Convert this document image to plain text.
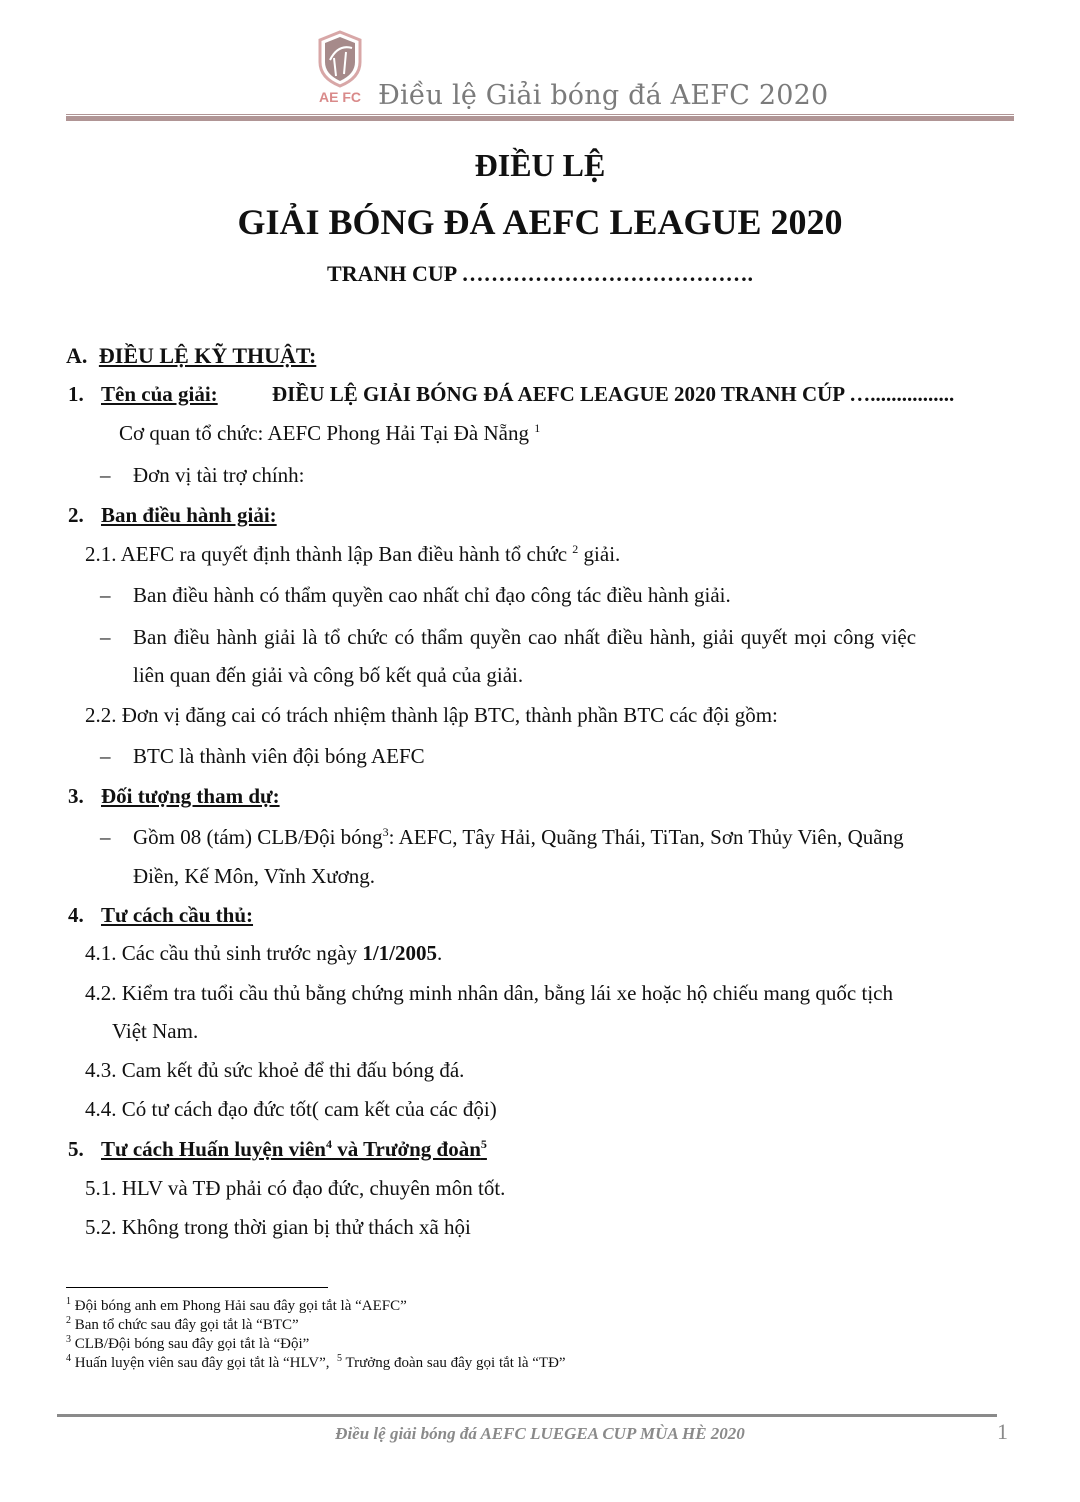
AE FC Điều lệ Giải bóng đá AEFC 2020
ĐIỀU LỆ
GIẢI BÓNG ĐÁ AEFC LEAGUE 2020
TRANH CUP ………………………………….
A. ĐIỀU LỆ KỸ THUẬT:
1. Tên của giải:	ĐIỀU LỆ GIẢI BÓNG ĐÁ AEFC LEAGUE 2020 TRANH CÚP …................
Cơ quan tổ chức: AEFC Phong Hải Tại Đà Nẵng $^1$
– Đơn vị tài trợ chính:
2. Ban điều hành giải:
2.1. AEFC ra quyết định thành lập Ban điều hành tổ chức $^2$ giải.
– Ban điều hành có thẩm quyền cao nhất chỉ đạo công tác điều hành giải.
– Ban điều hành giải là tổ chức có thẩm quyền cao nhất điều hành, giải quyết mọi công việc
liên quan đến giải và công bố kết quả của giải.
2.2. Đơn vị đăng cai có trách nhiệm thành lập BTC, thành phần BTC các đội gồm:
– BTC là thành viên đội bóng AEFC
3. Đối tượng tham dự:
– Gồm 08 (tám) CLB/Đội bóng$^3$: AEFC, Tây Hải, Quãng Thái, TiTan, Sơn Thủy Viên, Quãng
Điền, Kế Môn, Vĩnh Xương.
4. Tư cách cầu thủ:
4.1. Các cầu thủ sinh trước ngày 1/1/2005.
4.2. Kiểm tra tuổi cầu thủ bằng chứng minh nhân dân, bằng lái xe hoặc hộ chiếu mang quốc tịch
Việt Nam.
4.3. Cam kết đủ sức khoẻ để thi đấu bóng đá.
4.4. Có tư cách đạo đức tốt( cam kết của các đội)
5. Tư cách Huấn luyện viên$^4$ và Trưởng đoàn$^5$
5.1. HLV và TĐ phải có đạo đức, chuyên môn tốt.
5.2. Không trong thời gian bị thử thách xã hội
$^1$ Đội bóng anh em Phong Hải sau đây gọi tắt là “AEFC”
$^2$ Ban tổ chức sau đây gọi tắt là “BTC”
$^3$ CLB/Đội bóng sau đây gọi tắt là “Đội”
$^4$ Huấn luyện viên sau đây gọi tắt là “HLV”, $^5$ Trưởng đoàn sau đây gọi tắt là “TĐ”
Điều lệ giải bóng đá AEFC LUEGEA CUP MÙA HÈ 2020	1
